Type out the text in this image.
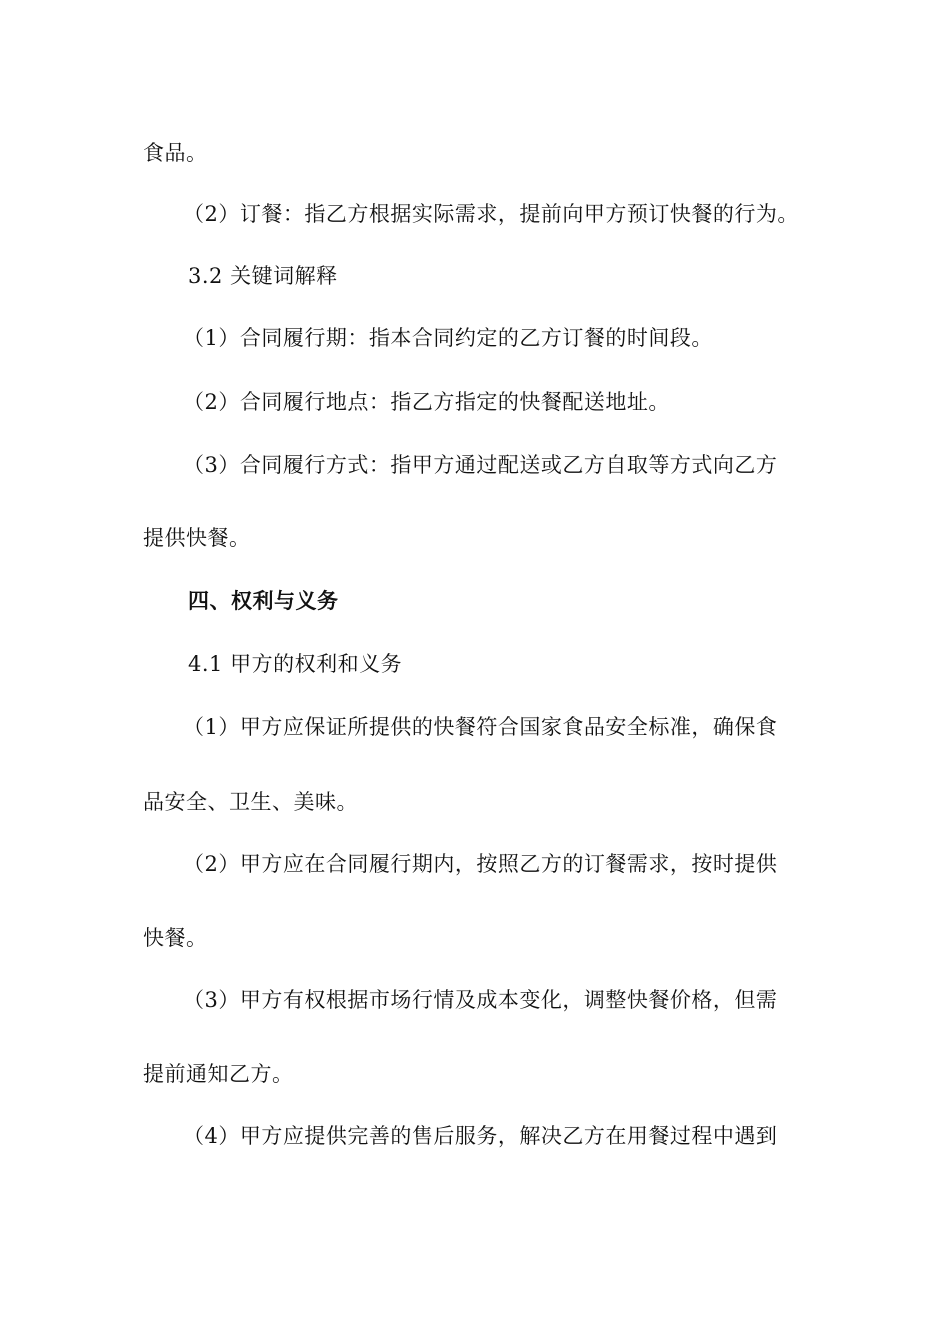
食品。
（2）订餐：指乙方根据实际需求，提前向甲方预订快餐的行为。
3.2 关键词解释
（1）合同履行期：指本合同约定的乙方订餐的时间段。
（2）合同履行地点：指乙方指定的快餐配送地址。
（3）合同履行方式：指甲方通过配送或乙方自取等方式向乙方
提供快餐。
四、权利与义务
4.1 甲方的权利和义务
（1）甲方应保证所提供的快餐符合国家食品安全标准，确保食
品安全、卫生、美味。
（2）甲方应在合同履行期内，按照乙方的订餐需求，按时提供
快餐。
（3）甲方有权根据市场行情及成本变化，调整快餐价格，但需
提前通知乙方。
（4）甲方应提供完善的售后服务，解决乙方在用餐过程中遇到
